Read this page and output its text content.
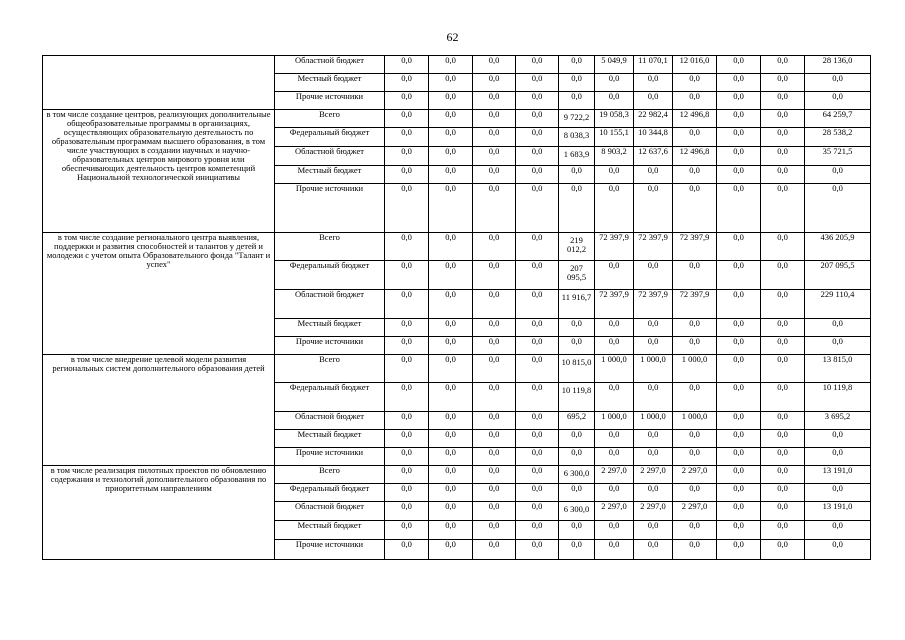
62
	Областной бюджет	0,0	0,0	0,0	0,0	0,0	5 049,9	11 070,1	12 016,0	0,0	0,0	28 136,0
	Местный бюджет	0,0	0,0	0,0	0,0	0,0	0,0	0,0	0,0	0,0	0,0	0,0
	Прочие источники	0,0	0,0	0,0	0,0	0,0	0,0	0,0	0,0	0,0	0,0	0,0
в том числе создание центров, реализующих дополнительные общеобразовательные программы в организациях, осуществляющих образовательную деятельность по образовательным программам высшего образования, в том числе участвующих в создании научных и научно-образовательных центров мирового уровня или обеспечивающих деятельность центров компетенций Национальной технологической инициативы	Всего	0,0	0,0	0,0	0,0	9 722,2	19 058,3	22 982,4	12 496,8	0,0	0,0	64 259,7
	Федеральный бюджет	0,0	0,0	0,0	0,0	8 038,3	10 155,1	10 344,8	0,0	0,0	0,0	28 538,2
	Областной бюджет	0,0	0,0	0,0	0,0	1 683,9	8 903,2	12 637,6	12 496,8	0,0	0,0	35 721,5
	Местный бюджет	0,0	0,0	0,0	0,0	0,0	0,0	0,0	0,0	0,0	0,0	0,0
	Прочие источники	0,0	0,0	0,0	0,0	0,0	0,0	0,0	0,0	0,0	0,0	0,0
в том числе создание регионального центра выявления, поддержки и развития способностей и талантов у детей и молодежи с учетом опыта Образовательного фонда "Талант и успех"	Всего	0,0	0,0	0,0	0,0	219 012,2	72 397,9	72 397,9	72 397,9	0,0	0,0	436 205,9
	Федеральный бюджет	0,0	0,0	0,0	0,0	207 095,5	0,0	0,0	0,0	0,0	0,0	207 095,5
	Областной бюджет	0,0	0,0	0,0	0,0	11 916,7	72 397,9	72 397,9	72 397,9	0,0	0,0	229 110,4
	Местный бюджет	0,0	0,0	0,0	0,0	0,0	0,0	0,0	0,0	0,0	0,0	0,0
	Прочие источники	0,0	0,0	0,0	0,0	0,0	0,0	0,0	0,0	0,0	0,0	0,0
в том числе внедрение целевой модели развития региональных систем дополнительного образования детей	Всего	0,0	0,0	0,0	0,0	10 815,0	1 000,0	1 000,0	1 000,0	0,0	0,0	13 815,0
	Федеральный бюджет	0,0	0,0	0,0	0,0	10 119,8	0,0	0,0	0,0	0,0	0,0	10 119,8
	Областной бюджет	0,0	0,0	0,0	0,0	695,2	1 000,0	1 000,0	1 000,0	0,0	0,0	3 695,2
	Местный бюджет	0,0	0,0	0,0	0,0	0,0	0,0	0,0	0,0	0,0	0,0	0,0
	Прочие источники	0,0	0,0	0,0	0,0	0,0	0,0	0,0	0,0	0,0	0,0	0,0
в том числе реализация пилотных проектов по обновлению содержания и технологий дополнительного образования по приоритетным направлениям	Всего	0,0	0,0	0,0	0,0	6 300,0	2 297,0	2 297,0	2 297,0	0,0	0,0	13 191,0
	Федеральный бюджет	0,0	0,0	0,0	0,0	0,0	0,0	0,0	0,0	0,0	0,0	0,0
	Областной бюджет	0,0	0,0	0,0	0,0	6 300,0	2 297,0	2 297,0	2 297,0	0,0	0,0	13 191,0
	Местный бюджет	0,0	0,0	0,0	0,0	0,0	0,0	0,0	0,0	0,0	0,0	0,0
	Прочие источники	0,0	0,0	0,0	0,0	0,0	0,0	0,0	0,0	0,0	0,0	0,0
